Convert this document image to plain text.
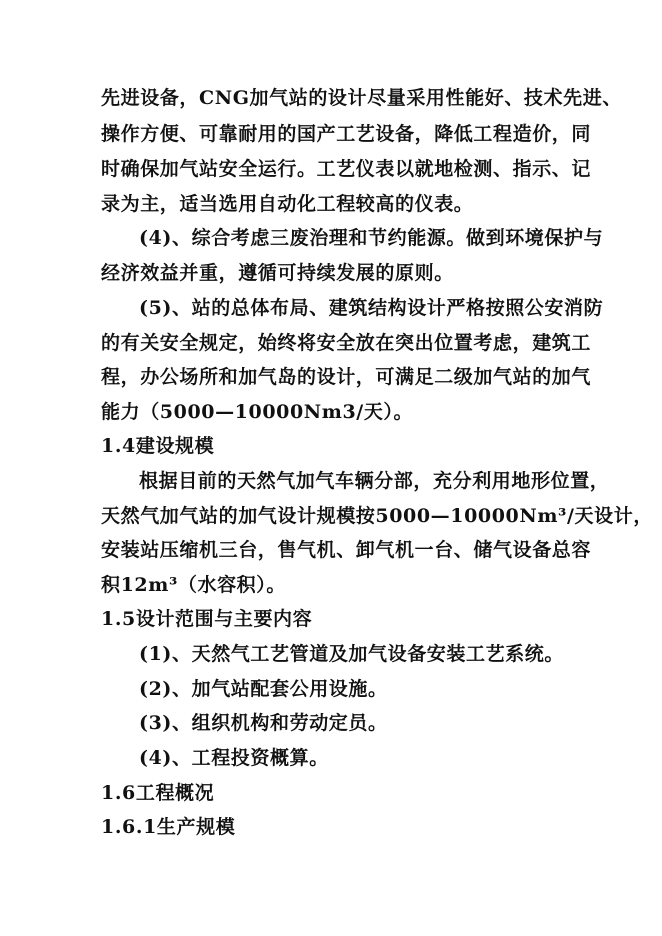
先进设备，CNG加气站的设计尽量采用性能好、技术先进、
操作方便、可靠耐用的国产工艺设备，降低工程造价，同
时确保加气站安全运行。工艺仪表以就地检测、指示、记
录为主，适当选用自动化工程较高的仪表。
(4)、综合考虑三废治理和节约能源。做到环境保护与
经济效益并重，遵循可持续发展的原则。
(5)、站的总体布局、建筑结构设计严格按照公安消防
的有关安全规定，始终将安全放在突出位置考虑，建筑工
程，办公场所和加气岛的设计，可满足二级加气站的加气
能力（5000—10000Nm3/天）。
1.4建设规模
根据目前的天然气加气车辆分部，充分利用地形位置，
天然气加气站的加气设计规模按5000—10000Nm³/天设计，
安装站压缩机三台，售气机、卸气机一台、储气设备总容
积12m³（水容积）。
1.5设计范围与主要内容
(1)、天然气工艺管道及加气设备安装工艺系统。
(2)、加气站配套公用设施。
(3)、组织机构和劳动定员。
(4)、工程投资概算。
1.6工程概况
1.6.1生产规模
